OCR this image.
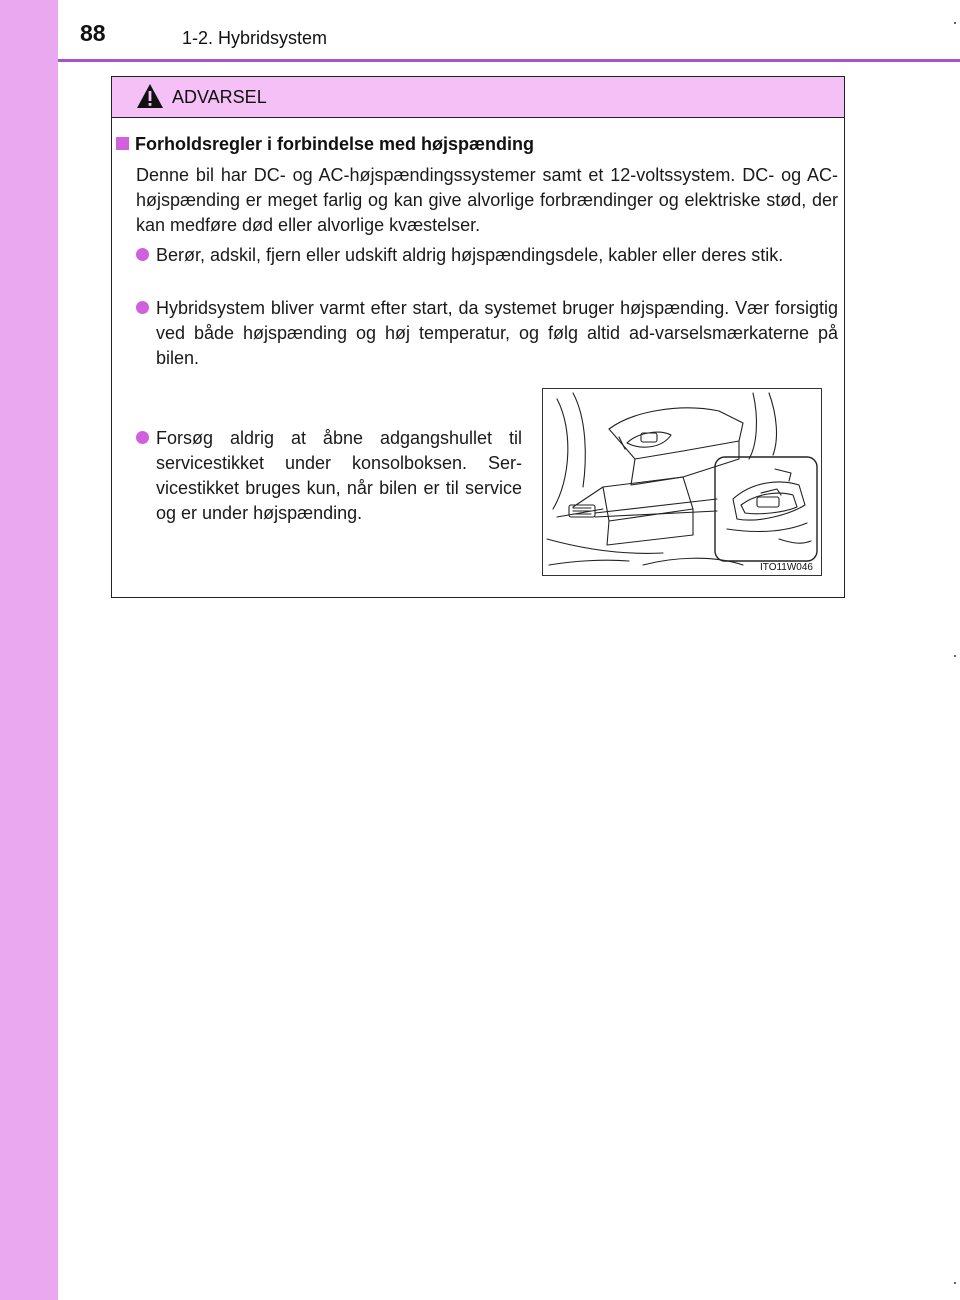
88	1-2. Hybridsystem
ADVARSEL
Forholdsregler i forbindelse med højspænding
Denne bil har DC- og AC-højspændingssystemer samt et 12-voltssystem. DC- og AC-højspænding er meget farlig og kan give alvorlige forbrændinger og elektriske stød, der kan medføre død eller alvorlige kvæstelser.
Berør, adskil, fjern eller udskift aldrig højspændingsdele, kabler eller deres stik.
Hybridsystem bliver varmt efter start, da systemet bruger højspænding. Vær forsigtig ved både højspænding og høj temperatur, og følg altid ad-varselsmærkaterne på bilen.
Forsøg aldrig at åbne adgangshullet til servicestikket under konsolboksen. Ser-vicestikket bruges kun, når bilen er til service og er under højspænding.
ITO11W046
